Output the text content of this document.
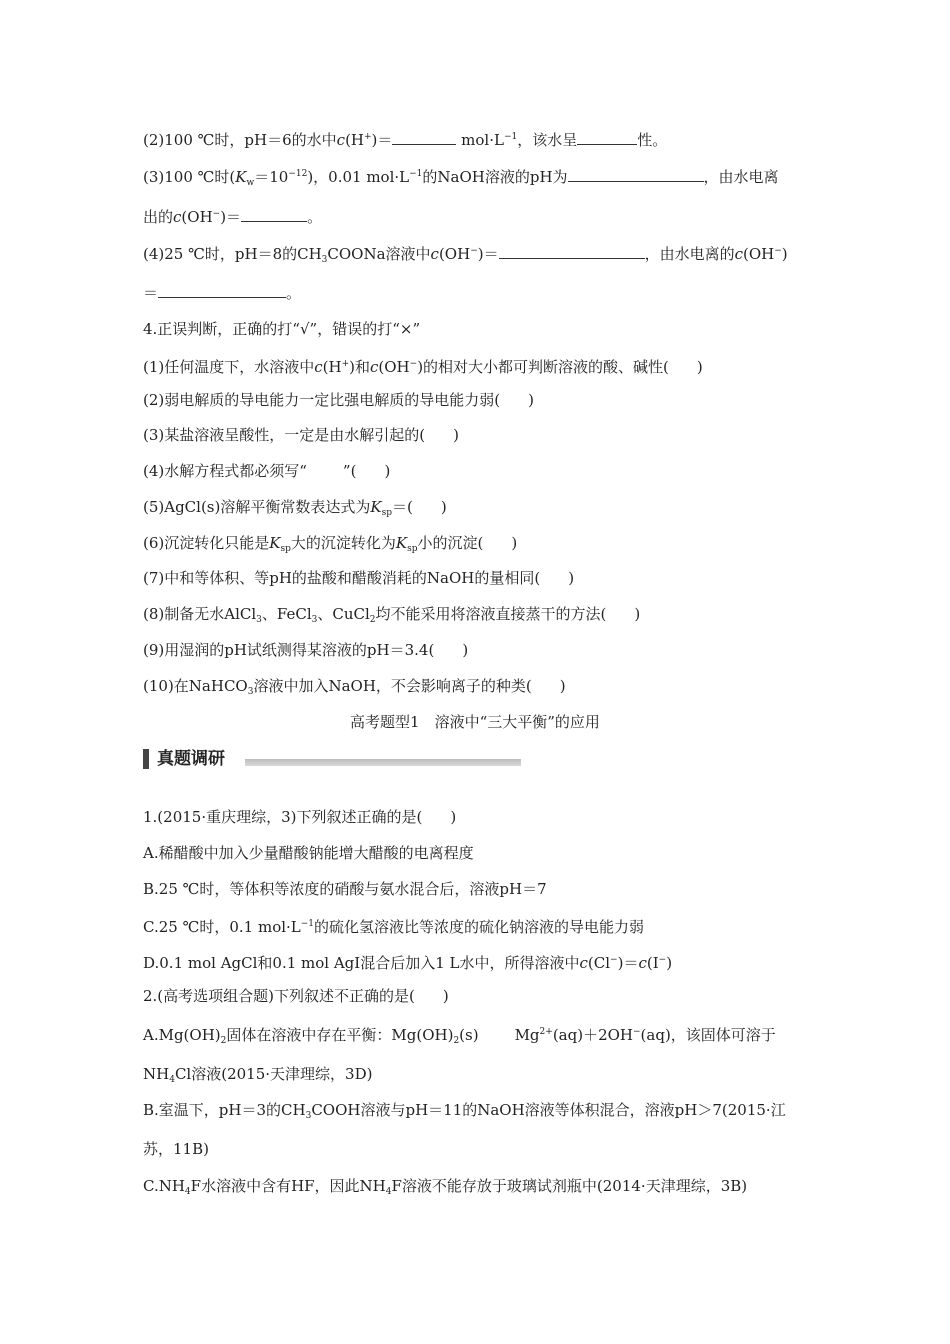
(2)100 ℃时，pH＝6的水中c(H+)＝	$mol\cdot L^{-1}$，该水呈	性。
(3)100 ℃时$(K_w=10^{-12})$，0.01 $mol\cdot L^{-1}$的NaOH溶液的pH为	，由水电离
出的c(OH−)＝	。
(4)25 ℃时，pH＝8的$CH_3COONa$溶液中c(OH−)＝	，由水电离的c(OH−)
＝	。
4.正误判断，正确的打“√”，错误的打“×”
(1)任何温度下，水溶液中c(H+)和c(OH−)的相对大小都可判断溶液的酸、碱性( )
(2)弱电解质的导电能力一定比强电解质的导电能力弱( )
(3)某盐溶液呈酸性，一定是由水解引起的( )
(4)水解方程式都必须写“ ”( )
(5)AgCl(s)溶解平衡常数表达式为$K_{sp}=$( )
(6)沉淀转化只能是$K_{sp}$大的沉淀转化为$K_{sp}$小的沉淀( )
(7)中和等体积、等pH的盐酸和醋酸消耗的NaOH的量相同( )
(8)制备无水AlCl$_3$、FeCl$_3$、CuCl$_2$均不能采用将溶液直接蒸干的方法( )
(9)用湿润的pH试纸测得某溶液的pH＝3.4( )
(10)在NaHCO$_3$溶液中加入NaOH，不会影响离子的种类( )
高考题型1　溶液中“三大平衡”的应用
真题调研
1.(2015·重庆理综，3)下列叙述正确的是( )
A.稀醋酸中加入少量醋酸钠能增大醋酸的电离程度
B.25 ℃时，等体积等浓度的硝酸与氨水混合后，溶液pH＝7
C.25 ℃时，0.1 $mol\cdot L^{-1}$的硫化氢溶液比等浓度的硫化钠溶液的导电能力弱
D.0.1 mol AgCl和0.1 mol AgI混合后加入1 L水中，所得溶液中c(Cl−)＝c(I−)
2.(高考选项组合题)下列叙述不正确的是( )
$A.Mg(OH)_2$固体在溶液中存在平衡：$Mg(OH)_2(s)$ $Mg^{2+}(aq)+2OH^-(aq)$，该固体可溶于
$NH_4Cl$溶液(2015·天津理综，3D)
B.室温下，pH＝3的$CH_3COOH$溶液与pH＝11的NaOH溶液等体积混合，溶液pH＞7(2015·江
苏，11B)
$C.NH_4F$水溶液中含有HF，因此$NH_4F$溶液不能存放于玻璃试剂瓶中(2014·天津理综，3B)
